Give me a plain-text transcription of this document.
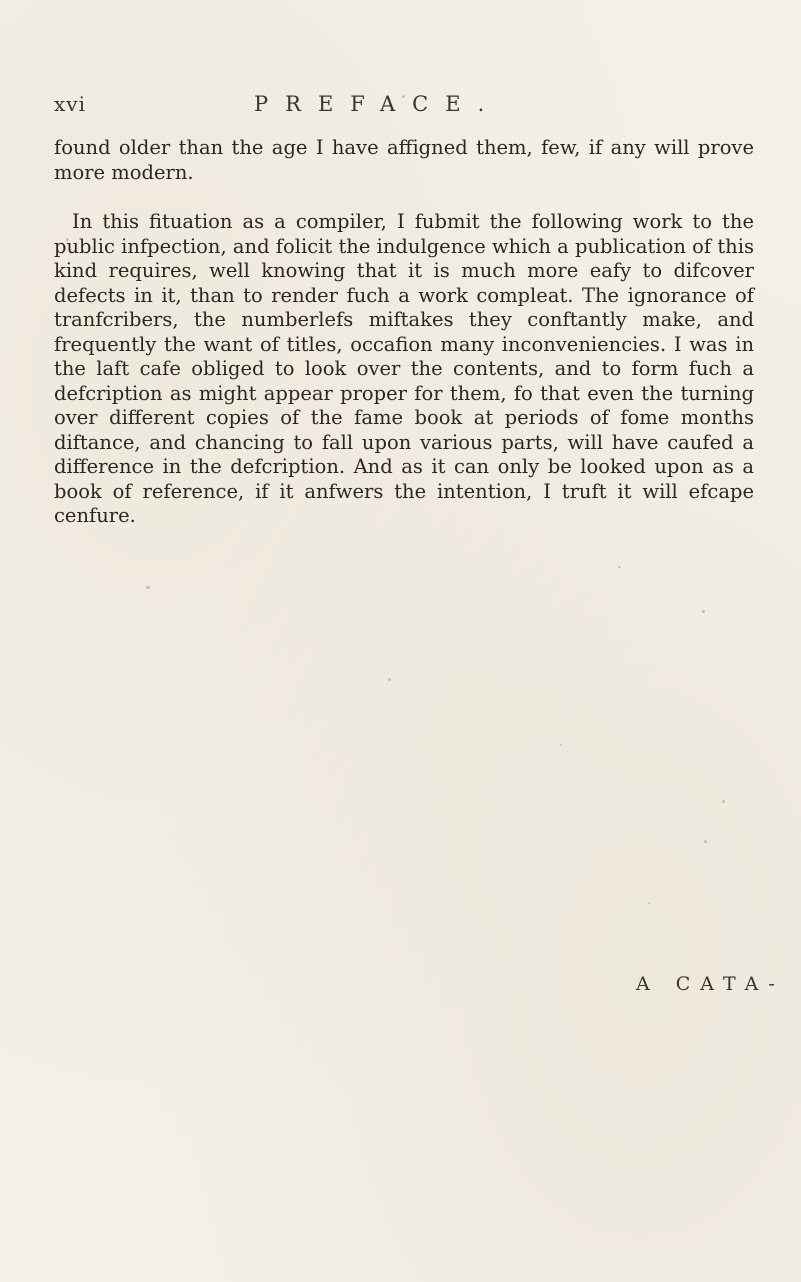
xvi	PREFACE.

found older than the age I have affigned them, few, if any will prove more modern.

In this fituation as a compiler, I fubmit the following work to the public infpection, and folicit the indulgence which a publication of this kind requires, well knowing that it is much more eafy to difcover defects in it, than to render fuch a work compleat. The ignorance of tranfcribers, the numberlefs miftakes they conftantly make, and frequently the want of titles, occafion many inconveniencies. I was in the laft cafe obliged to look over the contents, and to form fuch a defcription as might appear proper for them, fo that even the turning over different copies of the fame book at periods of fome months diftance, and chancing to fall upon various parts, will have caufed a difference in the defcription. And as it can only be looked upon as a book of reference, if it anfwers the intention, I truft it will efcape cenfure.

A CATA-
